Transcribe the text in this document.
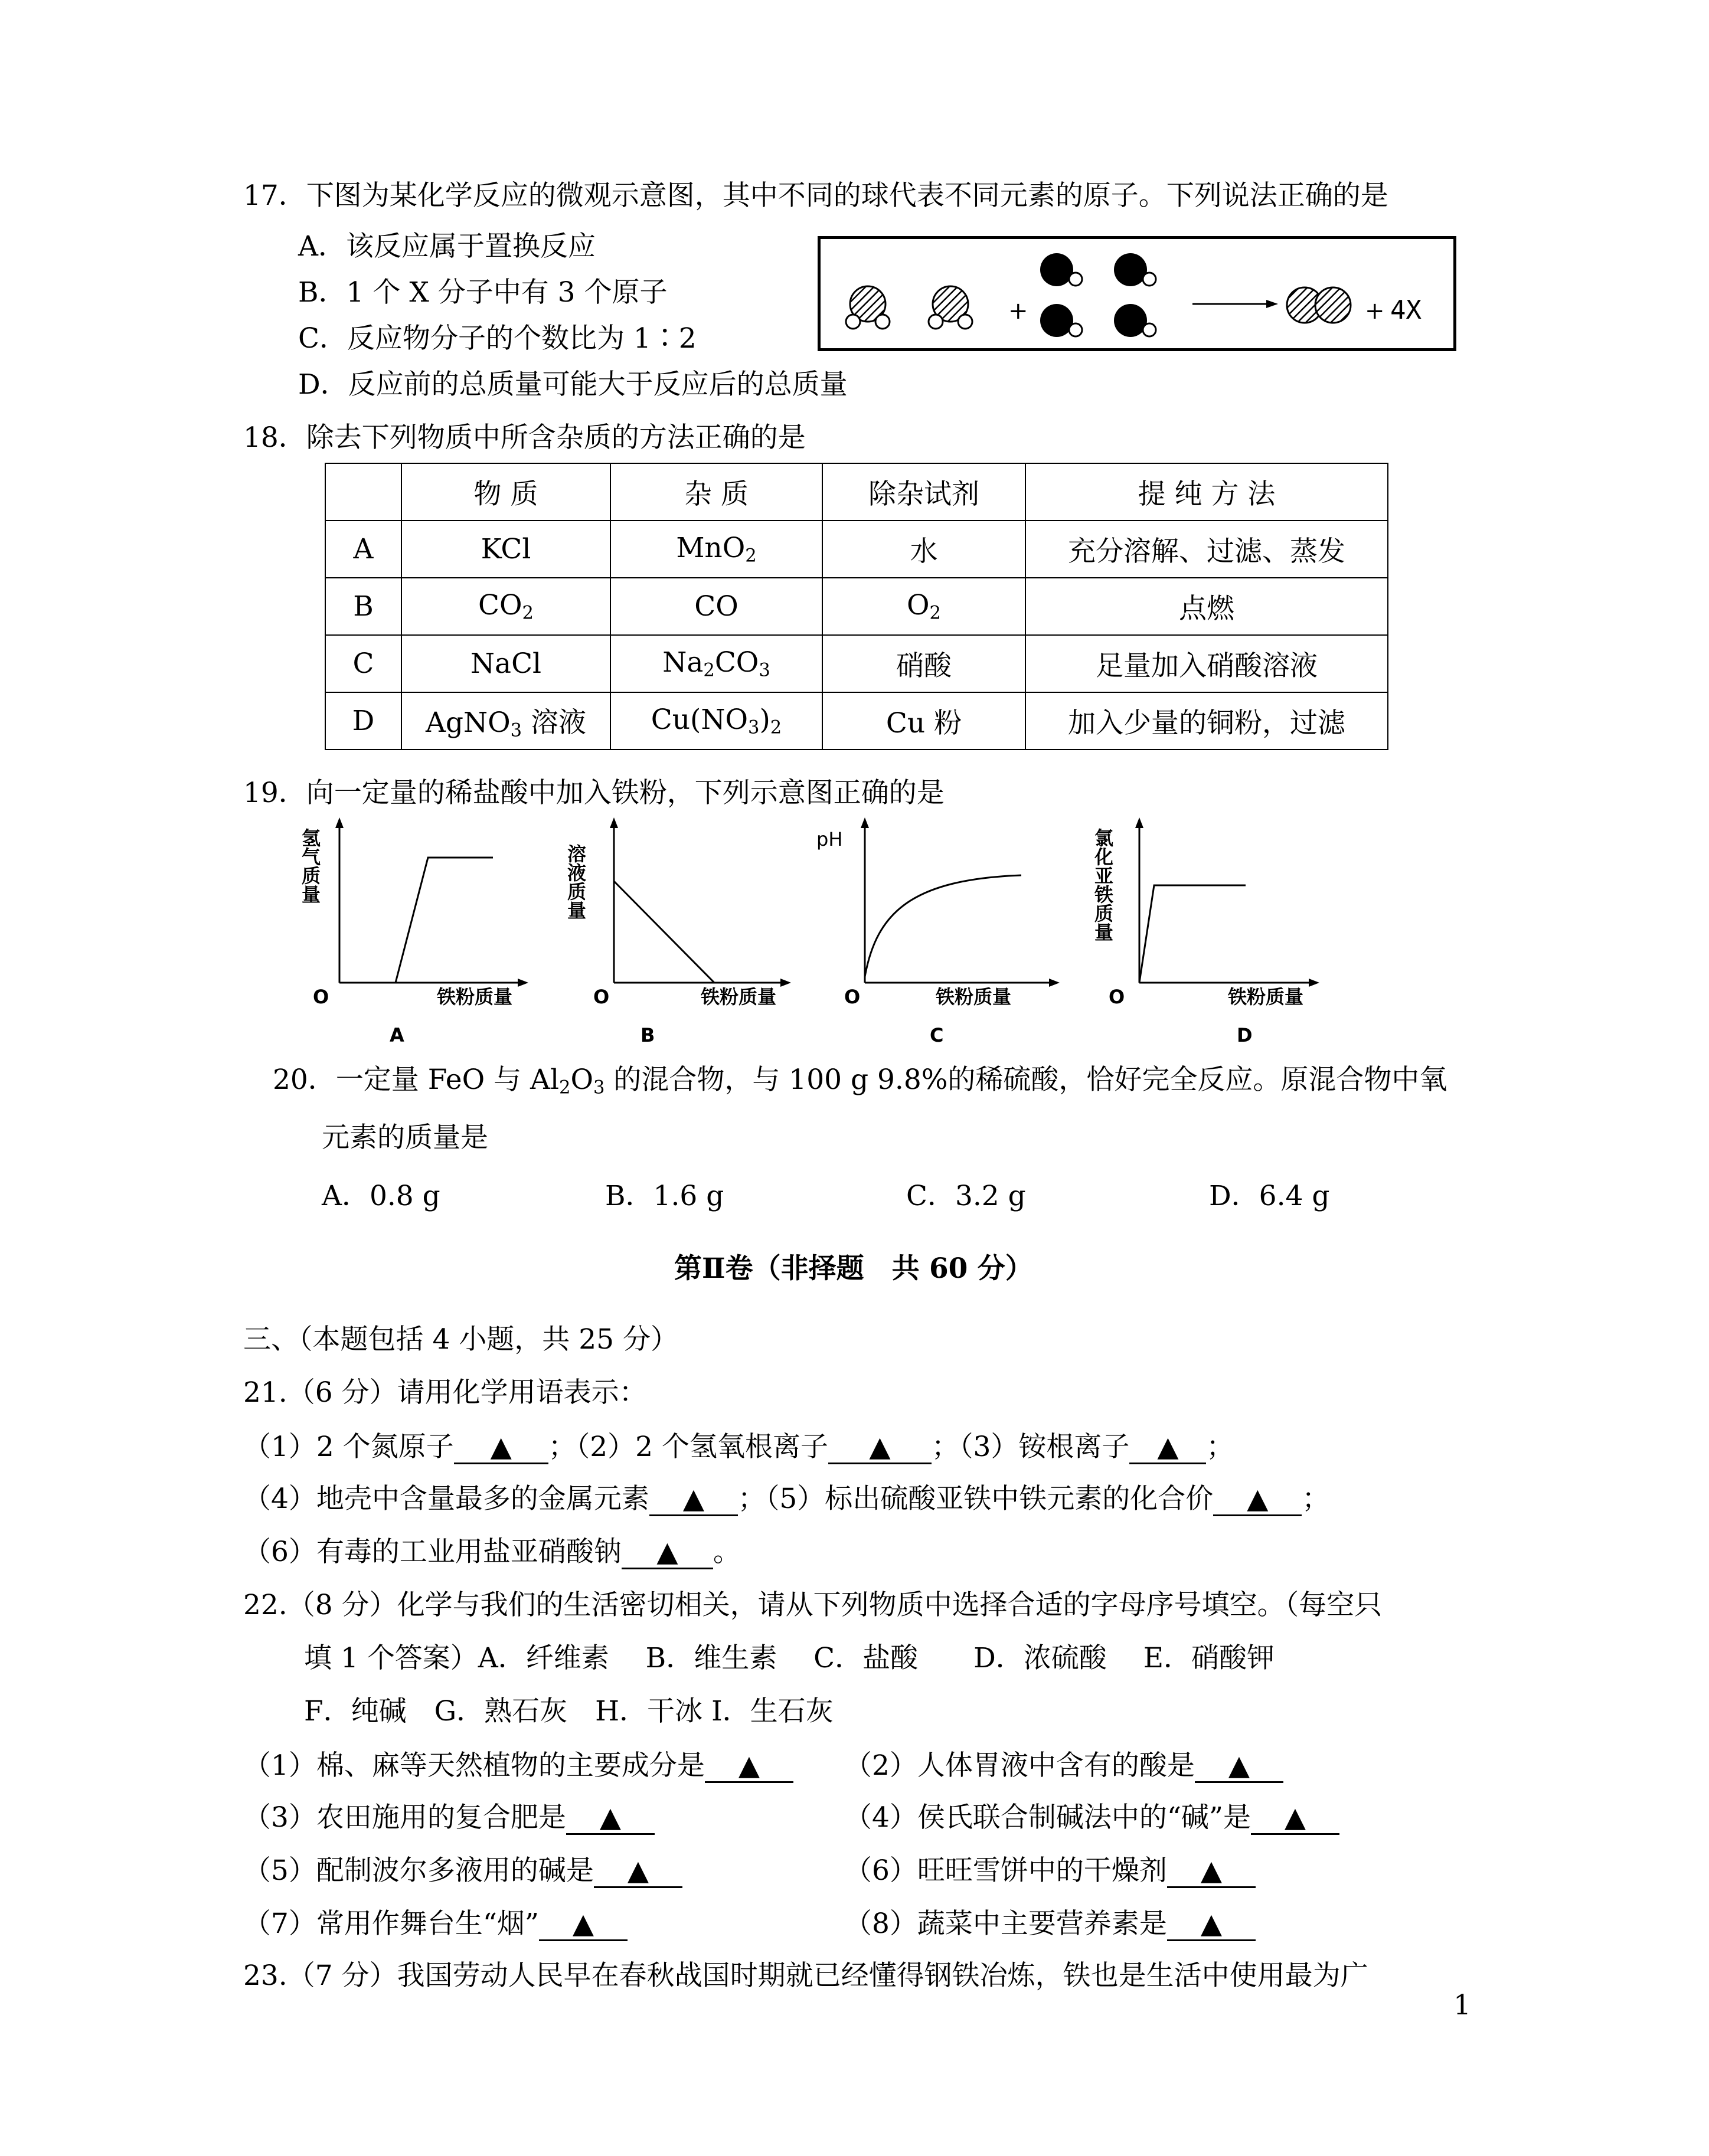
17．下图为某化学反应的微观示意图，其中不同的球代表不同元素的原子。下列说法正确的是
A．该反应属于置换反应
B．1 个 X 分子中有 3 个原子
C．反应物分子的个数比为 1∶2
D．反应前的总质量可能大于反应后的总质量
+	+ 4X
18．除去下列物质中所含杂质的方法正确的是
	物 质	杂 质	除杂试剂	提 纯 方 法
A	KCl	MnO$_2$	水	充分溶解、过滤、蒸发
B	$CO_2$	CO	$O_2$	点燃
C	NaCl	$Na_2CO_3$	硝酸	足量加入硝酸溶液
D	AgNO$_3$ 溶液	$Cu(NO_3)_2$	Cu 粉	加入少量的铜粉，过滤
19．向一定量的稀盐酸中加入铁粉，下列示意图正确的是
氢气质量
O	铁粉质量
A
溶液质量
O	铁粉质量
B
pH
O	铁粉质量
C
氯化亚铁质量
O	铁粉质量
D
20．一定量 FeO 与 $Al_2O_3$ 的混合物，与 100 g 9.8%的稀硫酸，恰好完全反应。原混合物中氧
元素的质量是
A．0.8 g	B．1.6 g	C．3.2 g	D．6.4 g
第Ⅱ卷（非择题　共 60 分）
三、（本题包括 4 小题，共 25 分）
21.（6 分）请用化学用语表示：
（1）2 个氮原子 ▲ ；（2）2 个氢氧根离子 ▲ ；（3）铵根离子 ▲ ；
（4）地壳中含量最多的金属元素 ▲ ；（5）标出硫酸亚铁中铁元素的化合价 ▲ ；
（6）有毒的工业用盐亚硝酸钠 ▲ 。
22.（8 分）化学与我们的生活密切相关，请从下列物质中选择合适的字母序号填空。（每空只
填 1 个答案）A．纤维素　 B．维生素　 C．盐酸　　D．浓硫酸　 E．硝酸钾
F．纯碱　G．熟石灰　H．干冰 I．生石灰
（1）棉、麻等天然植物的主要成分是 ▲	（2）人体胃液中含有的酸是 ▲
（3）农田施用的复合肥是 ▲	（4）侯氏联合制碱法中的“碱”是 ▲
（5）配制波尔多液用的碱是 ▲	（6）旺旺雪饼中的干燥剂 ▲
（7）常用作舞台生“烟” ▲	（8）蔬菜中主要营养素是 ▲
23.（7 分）我国劳动人民早在春秋战国时期就已经懂得钢铁冶炼，铁也是生活中使用最为广
1
